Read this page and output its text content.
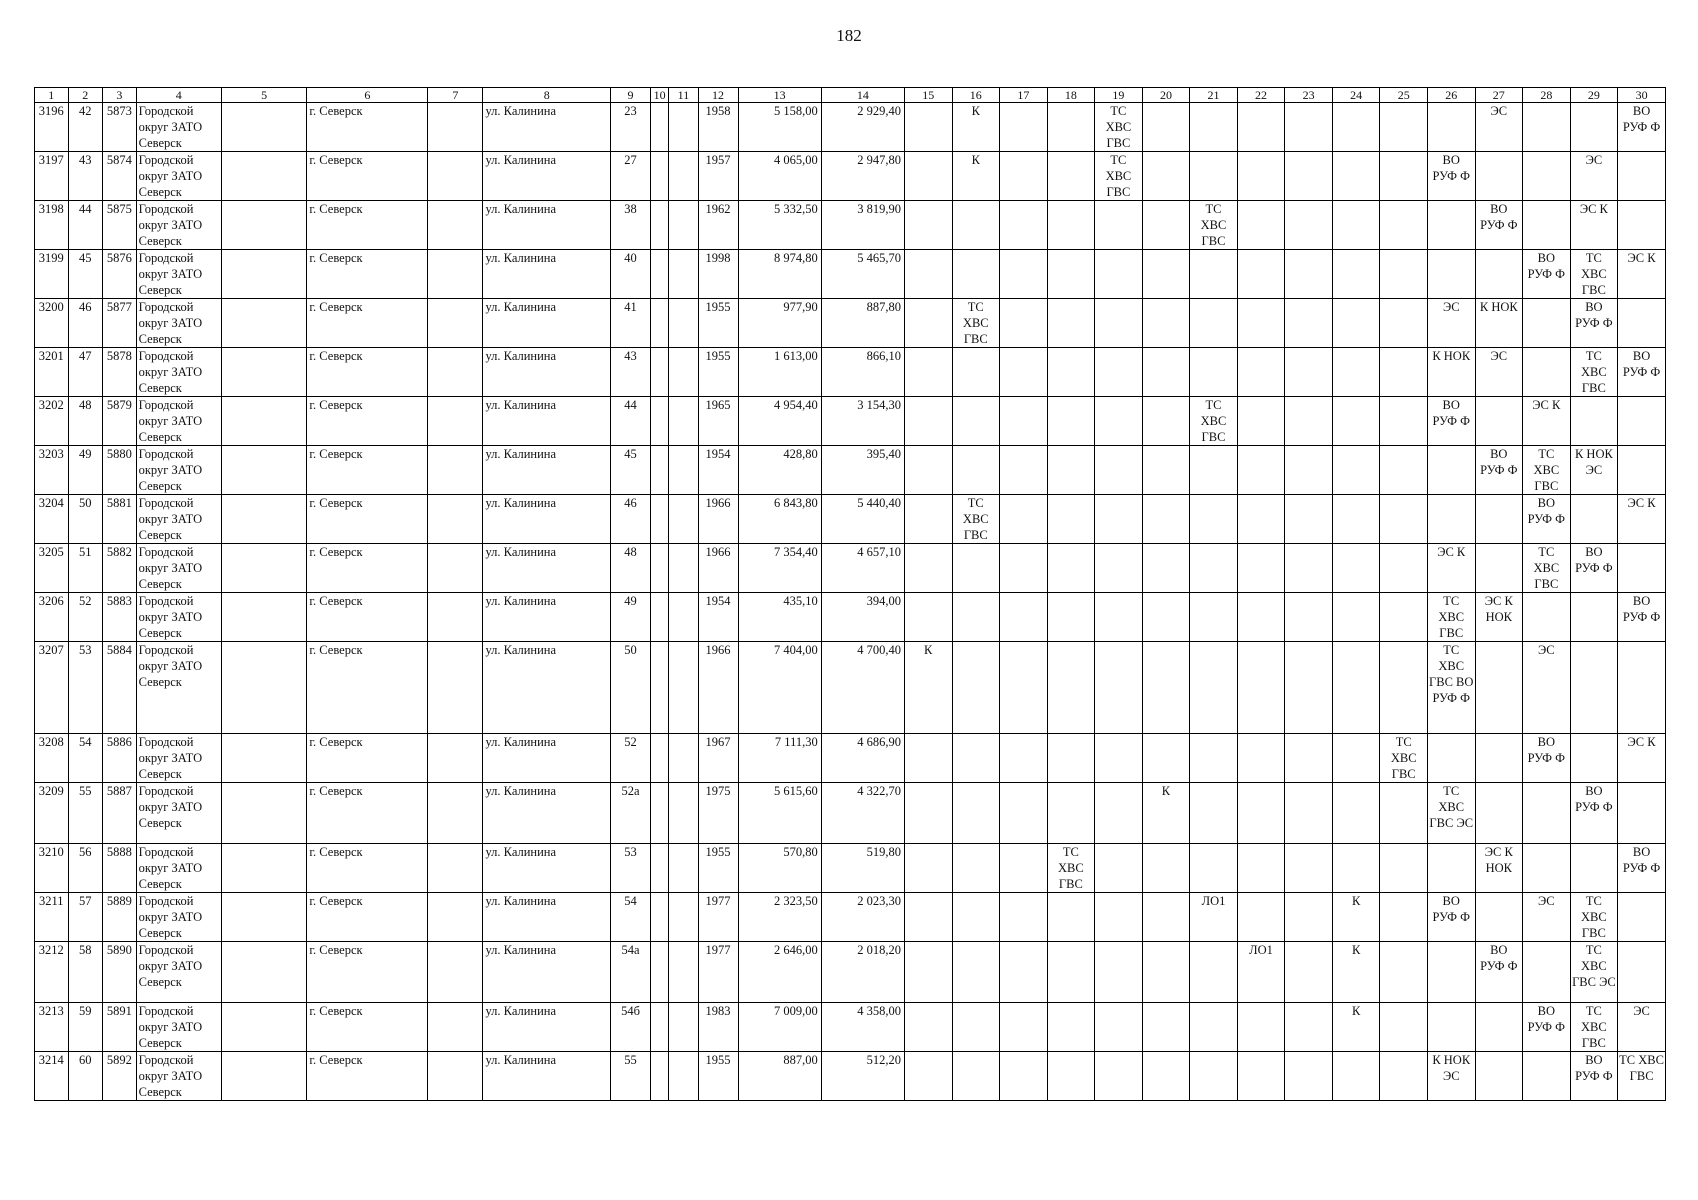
182
1	2	3	4	5	6	7	8	9	10	11	12	13	14	15	16	17	18	19	20	21	22	23	24	25	26	27	28	29	30
3196	42	5873	Городской округ ЗАТО Северск		г. Северск		ул. Калинина	23			1958	5 158,00	2 929,40		К			ТС ХВС ГВС								ЭС			ВО РУФ Ф
3197	43	5874	Городской округ ЗАТО Северск		г. Северск		ул. Калинина	27			1957	4 065,00	2 947,80		К			ТС ХВС ГВС							ВО РУФ Ф			ЭС	
3198	44	5875	Городской округ ЗАТО Северск		г. Северск		ул. Калинина	38			1962	5 332,50	3 819,90							ТС ХВС ГВС						ВО РУФ Ф		ЭС К	
3199	45	5876	Городской округ ЗАТО Северск		г. Северск		ул. Калинина	40			1998	8 974,80	5 465,70														ВО РУФ Ф	ТС ХВС ГВС	ЭС К
3200	46	5877	Городской округ ЗАТО Северск		г. Северск		ул. Калинина	41			1955	977,90	887,80		ТС ХВС ГВС										ЭС	К НОК		ВО РУФ Ф	
3201	47	5878	Городской округ ЗАТО Северск		г. Северск		ул. Калинина	43			1955	1 613,00	866,10												К НОК	ЭС		ТС ХВС ГВС	ВО РУФ Ф
3202	48	5879	Городской округ ЗАТО Северск		г. Северск		ул. Калинина	44			1965	4 954,40	3 154,30							ТС ХВС ГВС					ВО РУФ Ф		ЭС К		
3203	49	5880	Городской округ ЗАТО Северск		г. Северск		ул. Калинина	45			1954	428,80	395,40													ВО РУФ Ф	ТС ХВС ГВС	К НОК ЭС	
3204	50	5881	Городской округ ЗАТО Северск		г. Северск		ул. Калинина	46			1966	6 843,80	5 440,40		ТС ХВС ГВС												ВО РУФ Ф		ЭС К
3205	51	5882	Городской округ ЗАТО Северск		г. Северск		ул. Калинина	48			1966	7 354,40	4 657,10												ЭС К		ТС ХВС ГВС	ВО РУФ Ф	
3206	52	5883	Городской округ ЗАТО Северск		г. Северск		ул. Калинина	49			1954	435,10	394,00												ТС ХВС ГВС	ЭС К НОК			ВО РУФ Ф
3207	53	5884	Городской округ ЗАТО Северск		г. Северск		ул. Калинина	50			1966	7 404,00	4 700,40	К											ТС ХВС ГВС ВО РУФ Ф		ЭС		
3208	54	5886	Городской округ ЗАТО Северск		г. Северск		ул. Калинина	52			1967	7 111,30	4 686,90											ТС ХВС ГВС			ВО РУФ Ф		ЭС К
3209	55	5887	Городской округ ЗАТО Северск		г. Северск		ул. Калинина	52а			1975	5 615,60	4 322,70						К						ТС ХВС ГВС ЭС			ВО РУФ Ф	
3210	56	5888	Городской округ ЗАТО Северск		г. Северск		ул. Калинина	53			1955	570,80	519,80				ТС ХВС ГВС									ЭС К НОК			ВО РУФ Ф
3211	57	5889	Городской округ ЗАТО Северск		г. Северск		ул. Калинина	54			1977	2 323,50	2 023,30							ЛО1			К		ВО РУФ Ф		ЭС	ТС ХВС ГВС	
3212	58	5890	Городской округ ЗАТО Северск		г. Северск		ул. Калинина	54а			1977	2 646,00	2 018,20								ЛО1		К			ВО РУФ Ф		ТС ХВС ГВС ЭС	
3213	59	5891	Городской округ ЗАТО Северск		г. Северск		ул. Калинина	54б			1983	7 009,00	4 358,00										К				ВО РУФ Ф	ТС ХВС ГВС	ЭС
3214	60	5892	Городской округ ЗАТО Северск		г. Северск		ул. Калинина	55			1955	887,00	512,20												К НОК ЭС			ВО РУФ Ф	ТС ХВС ГВС
